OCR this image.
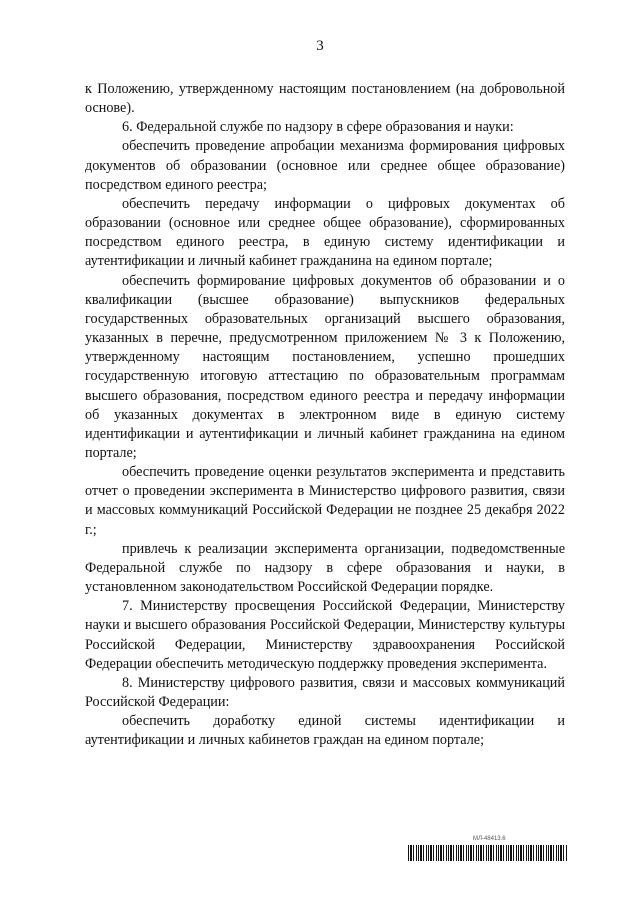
3

к Положению, утвержденному настоящим постановлением (на добровольной основе).

6. Федеральной службе по надзору в сфере образования и науки:

обеспечить проведение апробации механизма формирования цифровых документов об образовании (основное или среднее общее образование) посредством единого реестра;

обеспечить передачу информации о цифровых документах об образовании (основное или среднее общее образование), сформированных посредством единого реестра, в единую систему идентификации и аутентификации и личный кабинет гражданина на едином портале;

обеспечить формирование цифровых документов об образовании и о квалификации (высшее образование) выпускников федеральных государственных образовательных организаций высшего образования, указанных в перечне, предусмотренном приложением № 3 к Положению, утвержденному настоящим постановлением, успешно прошедших государственную итоговую аттестацию по образовательным программам высшего образования, посредством единого реестра и передачу информации об указанных документах в электронном виде в единую систему идентификации и аутентификации и личный кабинет гражданина на едином портале;

обеспечить проведение оценки результатов эксперимента и представить отчет о проведении эксперимента в Министерство цифрового развития, связи и массовых коммуникаций Российской Федерации не позднее 25 декабря 2022 г.;

привлечь к реализации эксперимента организации, подведомственные Федеральной службе по надзору в сфере образования и науки, в установленном законодательством Российской Федерации порядке.

7. Министерству просвещения Российской Федерации, Министерству науки и высшего образования Российской Федерации, Министерству культуры Российской Федерации, Министерству здравоохранения Российской Федерации обеспечить методическую поддержку проведения эксперимента.

8. Министерству цифрового развития, связи и массовых коммуникаций Российской Федерации:

обеспечить доработку единой системы идентификации и аутентификации и личных кабинетов граждан на едином портале;

МЛ-48413.6
